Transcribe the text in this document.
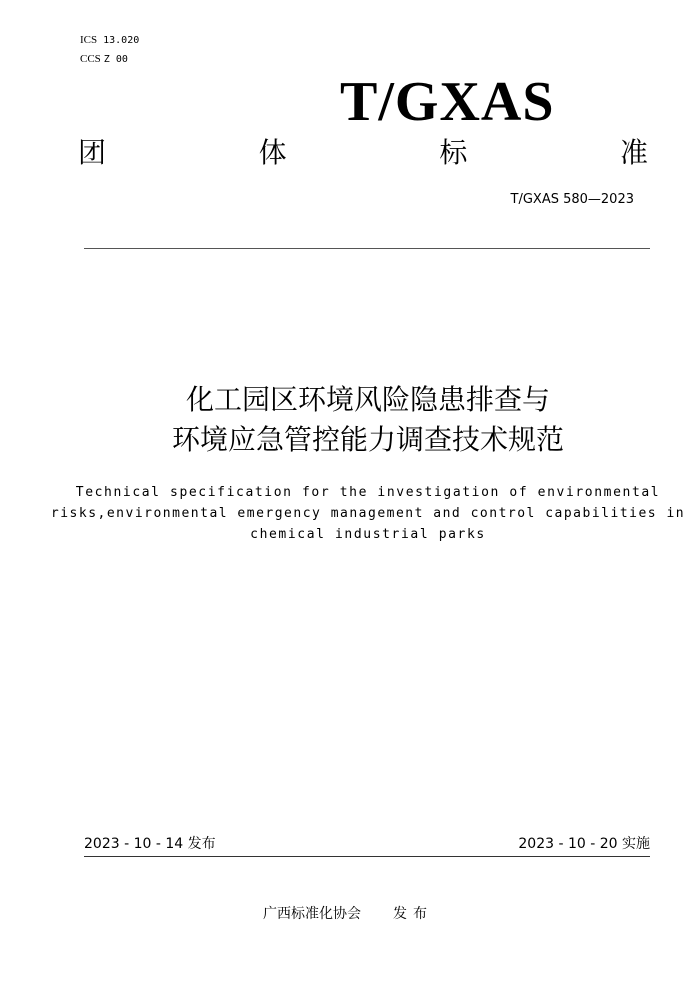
ICS 13.020
CCS Z 00
T/GXAS
团	体	标	准
T/GXAS 580—2023
化工园区环境风险隐患排查与
环境应急管控能力调查技术规范
Technical specification for the investigation of environmental
risks,environmental emergency management and control capabilities in
chemical industrial parks
2023 - 10 - 14 发布	2023 - 10 - 20 实施
广西标准化协会 发布
